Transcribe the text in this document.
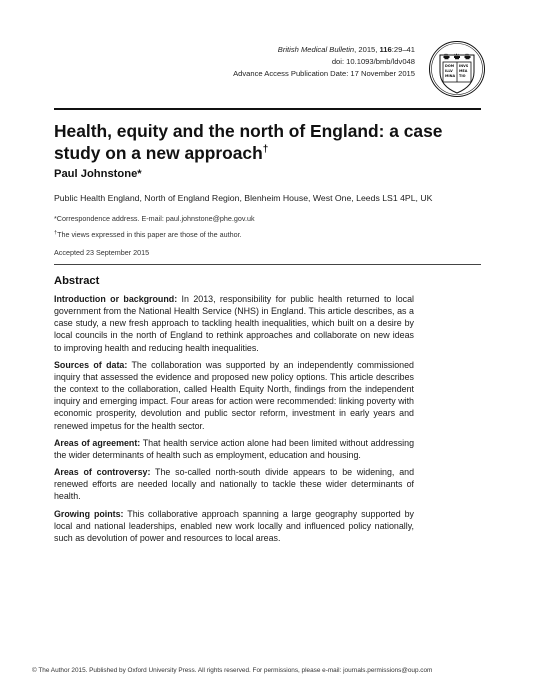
British Medical Bulletin, 2015, 116:29–41
doi: 10.1093/bmb/ldv048
Advance Access Publication Date: 17 November 2015
DOM INVS
ILLV MEA
MINA TIO
Health, equity and the north of England: a case study on a new approach†
Paul Johnstone*
Public Health England, North of England Region, Blenheim House, West One, Leeds LS1 4PL, UK
*Correspondence address. E-mail: paul.johnstone@phe.gov.uk
†The views expressed in this paper are those of the author.
Accepted 23 September 2015
Abstract

Introduction or background: In 2013, responsibility for public health returned to local government from the National Health Service (NHS) in England. This article describes, as a case study, a new fresh approach to tackling health inequalities, which built on a desire by local councils in the north of England to rethink approaches and collaborate on new ideas to improving health and reducing health inequalities.

Sources of data: The collaboration was supported by an independently commissioned inquiry that assessed the evidence and proposed new policy options. This article describes the context to the collaboration, called Health Equity North, findings from the independent inquiry and emerging impact. Four areas for action were recommended: linking poverty with economic prosperity, devolution and public sector reform, investment in early years and renewed impetus for the health sector.

Areas of agreement: That health service action alone had been limited without addressing the wider determinants of health such as employment, education and housing.

Areas of controversy: The so-called north-south divide appears to be widening, and renewed efforts are needed locally and nationally to tackle these wider determinants of health.

Growing points: This collaborative approach spanning a large geography supported by local and national leaderships, enabled new work locally and influenced policy nationally, such as devolution of power and resources to local areas.

© The Author 2015. Published by Oxford University Press. All rights reserved. For permissions, please e-mail: journals.permissions@oup.com
